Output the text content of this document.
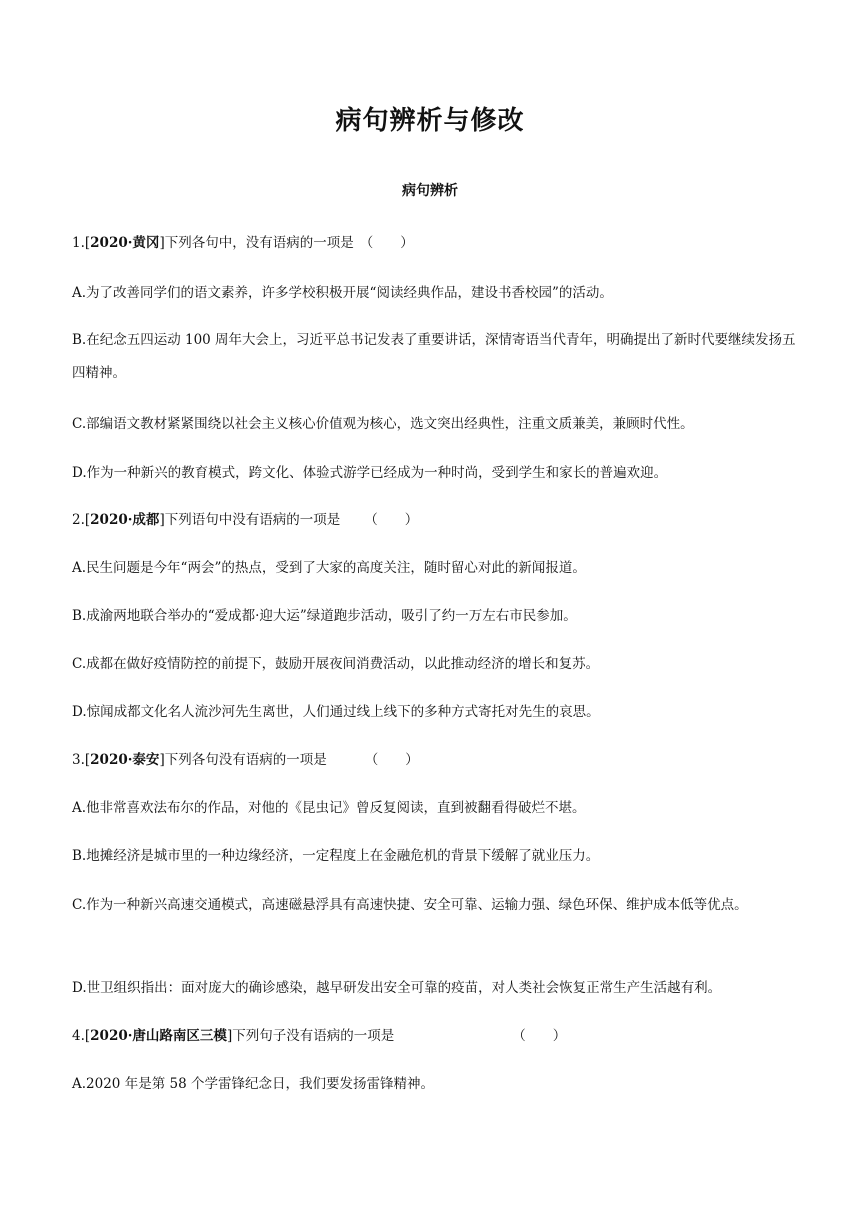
病句辨析与修改
病句辨析
1.[2020·黄冈]下列各句中，没有语病的一项是 （　　）
A.为了改善同学们的语文素养，许多学校积极开展“阅读经典作品，建设书香校园”的活动。
B.在纪念五四运动 100 周年大会上，习近平总书记发表了重要讲话，深情寄语当代青年，明确提出了新时代要继续发扬五四精神。
C.部编语文教材紧紧围绕以社会主义核心价值观为核心，选文突出经典性，注重文质兼美，兼顾时代性。
D.作为一种新兴的教育模式，跨文化、体验式游学已经成为一种时尚，受到学生和家长的普遍欢迎。
2.[2020·成都]下列语句中没有语病的一项是 （　　）
A.民生问题是今年“两会”的热点，受到了大家的高度关注，随时留心对此的新闻报道。
B.成渝两地联合举办的“爱成都·迎大运”绿道跑步活动，吸引了约一万左右市民参加。
C.成都在做好疫情防控的前提下，鼓励开展夜间消费活动，以此推动经济的增长和复苏。
D.惊闻成都文化名人流沙河先生离世，人们通过线上线下的多种方式寄托对先生的哀思。
3.[2020·泰安]下列各句没有语病的一项是	（　　）
A.他非常喜欢法布尔的作品，对他的《昆虫记》曾反复阅读，直到被翻看得破烂不堪。
B.地摊经济是城市里的一种边缘经济，一定程度上在金融危机的背景下缓解了就业压力。
C.作为一种新兴高速交通模式，高速磁悬浮具有高速快捷、安全可靠、运输力强、绿色环保、维护成本低等优点。
D.世卫组织指出：面对庞大的确诊感染，越早研发出安全可靠的疫苗，对人类社会恢复正常生产生活越有利。
4.[2020·唐山路南区三模]下列句子没有语病的一项是	（　　）
A.2020 年是第 58 个学雷锋纪念日，我们要发扬雷锋精神。
